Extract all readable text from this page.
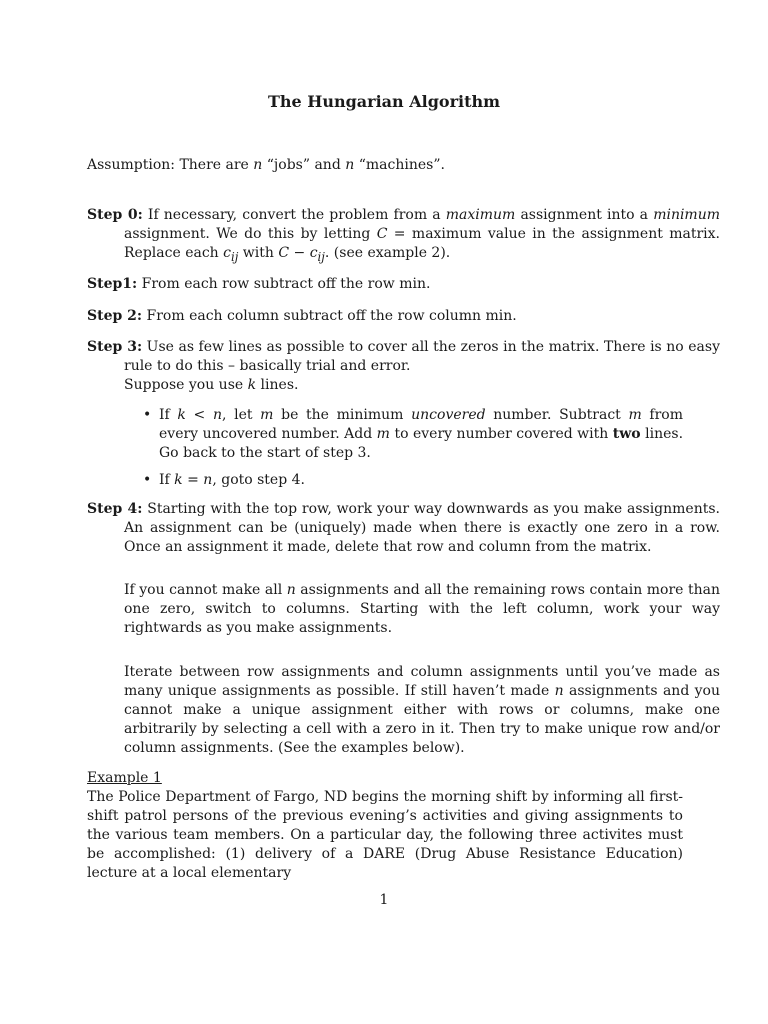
The Hungarian Algorithm
Assumption: There are n “jobs” and n “machines”.
Step 0: If necessary, convert the problem from a maximum assignment into a minimum assignment. We do this by letting C = maximum value in the assignment matrix. Replace each $c_{ij}$ with $C - c_{ij}$. (see example 2).
Step1: From each row subtract off the row min.
Step 2: From each column subtract off the row column min.
Step 3: Use as few lines as possible to cover all the zeros in the matrix. There is no easy rule to do this – basically trial and error.
Suppose you use k lines.
• If k < n, let m be the minimum uncovered number. Subtract m from every uncovered number. Add m to every number covered with two lines. Go back to the start of step 3.
• If k = n, goto step 4.
Step 4: Starting with the top row, work your way downwards as you make assignments. An assignment can be (uniquely) made when there is exactly one zero in a row. Once an assignment it made, delete that row and column from the matrix.
If you cannot make all n assignments and all the remaining rows contain more than one zero, switch to columns. Starting with the left column, work your way rightwards as you make assignments.
Iterate between row assignments and column assignments until you’ve made as many unique assignments as possible. If still haven’t made n assignments and you cannot make a unique assignment either with rows or columns, make one arbitrarily by selecting a cell with a zero in it. Then try to make unique row and/or column assignments. (See the examples below).
Example 1
The Police Department of Fargo, ND begins the morning shift by informing all first-shift patrol persons of the previous evening’s activities and giving assignments to the various team members. On a particular day, the following three activites must be accomplished: (1) delivery of a DARE (Drug Abuse Resistance Education) lecture at a local elementary
1
